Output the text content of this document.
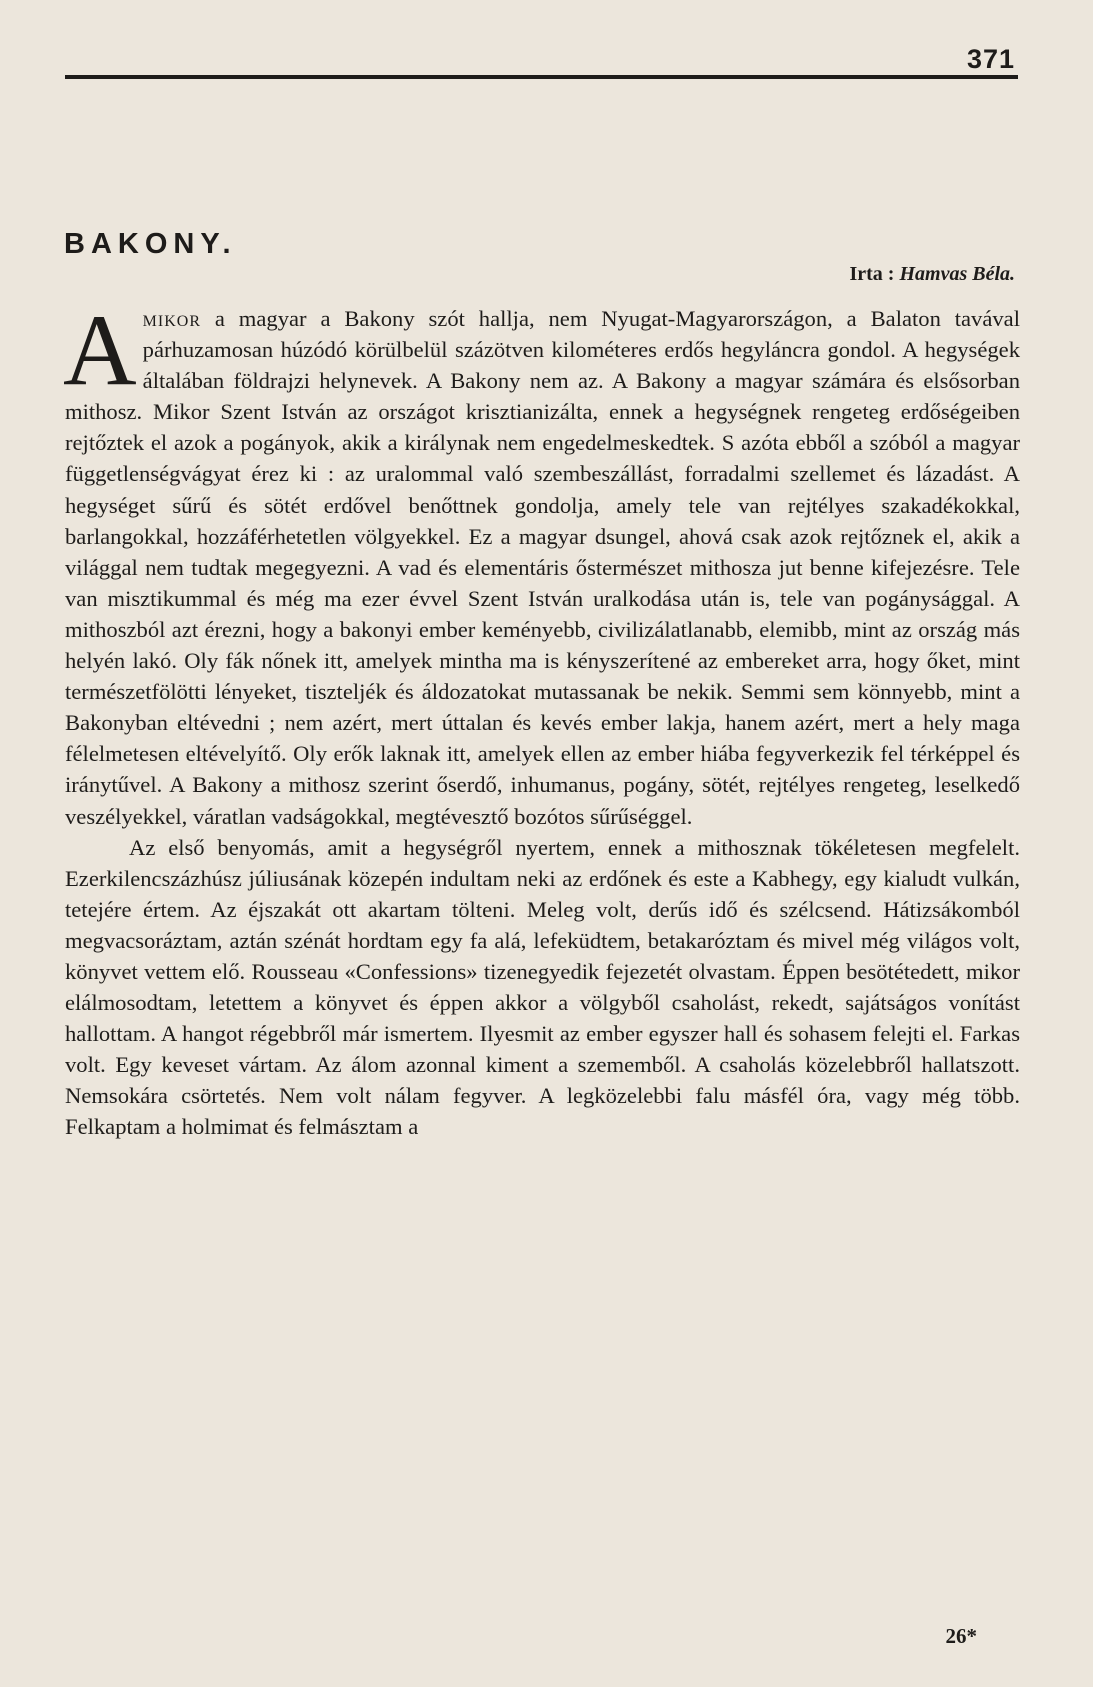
371
BAKONY.
Irta : Hamvas Béla.

Amikor a magyar a Bakony szót hallja, nem Nyugat-Magyarországon, a Balaton tavával párhuzamosan húzódó körülbelül százötven kilométeres erdős hegyláncra gondol. A hegységek általában földrajzi helynevek. A Bakony nem az. A Bakony a magyar számára és elsősorban mithosz. Mikor Szent István az országot krisztianizálta, ennek a hegységnek rengeteg erdőségeiben rejtőztek el azok a pogányok, akik a királynak nem engedelmeskedtek. S azóta ebből a szóból a magyar függetlenségvágyat érez ki : az uralommal való szembeszállást, forradalmi szellemet és lázadást. A hegységet sűrű és sötét erdővel benőttnek gondolja, amely tele van rejtélyes szakadékokkal, barlangokkal, hozzáférhetetlen völgyekkel. Ez a magyar dsungel, ahová csak azok rejtőznek el, akik a világgal nem tudtak megegyezni. A vad és elementáris őstermészet mithosza jut benne kifejezésre. Tele van misztikummal és még ma ezer évvel Szent István uralkodása után is, tele van pogánysággal. A mithoszból azt érezni, hogy a bakonyi ember keményebb, civilizálatlanabb, elemibb, mint az ország más helyén lakó. Oly fák nőnek itt, amelyek mintha ma is kényszerítené az embereket arra, hogy őket, mint természetfölötti lényeket, tiszteljék és áldozatokat mutassanak be nekik. Semmi sem könnyebb, mint a Bakonyban eltévedni ; nem azért, mert úttalan és kevés ember lakja, hanem azért, mert a hely maga félelmetesen eltévelyítő. Oly erők laknak itt, amelyek ellen az ember hiába fegyverkezik fel térképpel és iránytűvel. A Bakony a mithosz szerint őserdő, inhumanus, pogány, sötét, rejtélyes rengeteg, leselkedő veszélyekkel, váratlan vadságokkal, megtévesztő bozótos sűrűséggel.

Az első benyomás, amit a hegységről nyertem, ennek a mithosznak tökéletesen megfelelt. Ezerkilencszázhúsz júliusának közepén indultam neki az erdőnek és este a Kabhegy, egy kialudt vulkán, tetejére értem. Az éjszakát ott akartam tölteni. Meleg volt, derűs idő és szélcsend. Hátizsákomból megvacsoráztam, aztán szénát hordtam egy fa alá, lefeküdtem, betakaróztam és mivel még világos volt, könyvet vettem elő. Rousseau «Confessions» tizenegyedik fejezetét olvastam. Éppen besötétedett, mikor elálmosodtam, letettem a könyvet és éppen akkor a völgyből csaholást, rekedt, sajátságos vonítást hallottam. A hangot régebbről már ismertem. Ilyesmit az ember egyszer hall és sohasem felejti el. Farkas volt. Egy keveset vártam. Az álom azonnal kiment a szememből. A csaholás közelebbről hallatszott. Nemsokára csörtetés. Nem volt nálam fegyver. A legközelebbi falu másfél óra, vagy még több. Felkaptam a holmimat és felmásztam a

26*
